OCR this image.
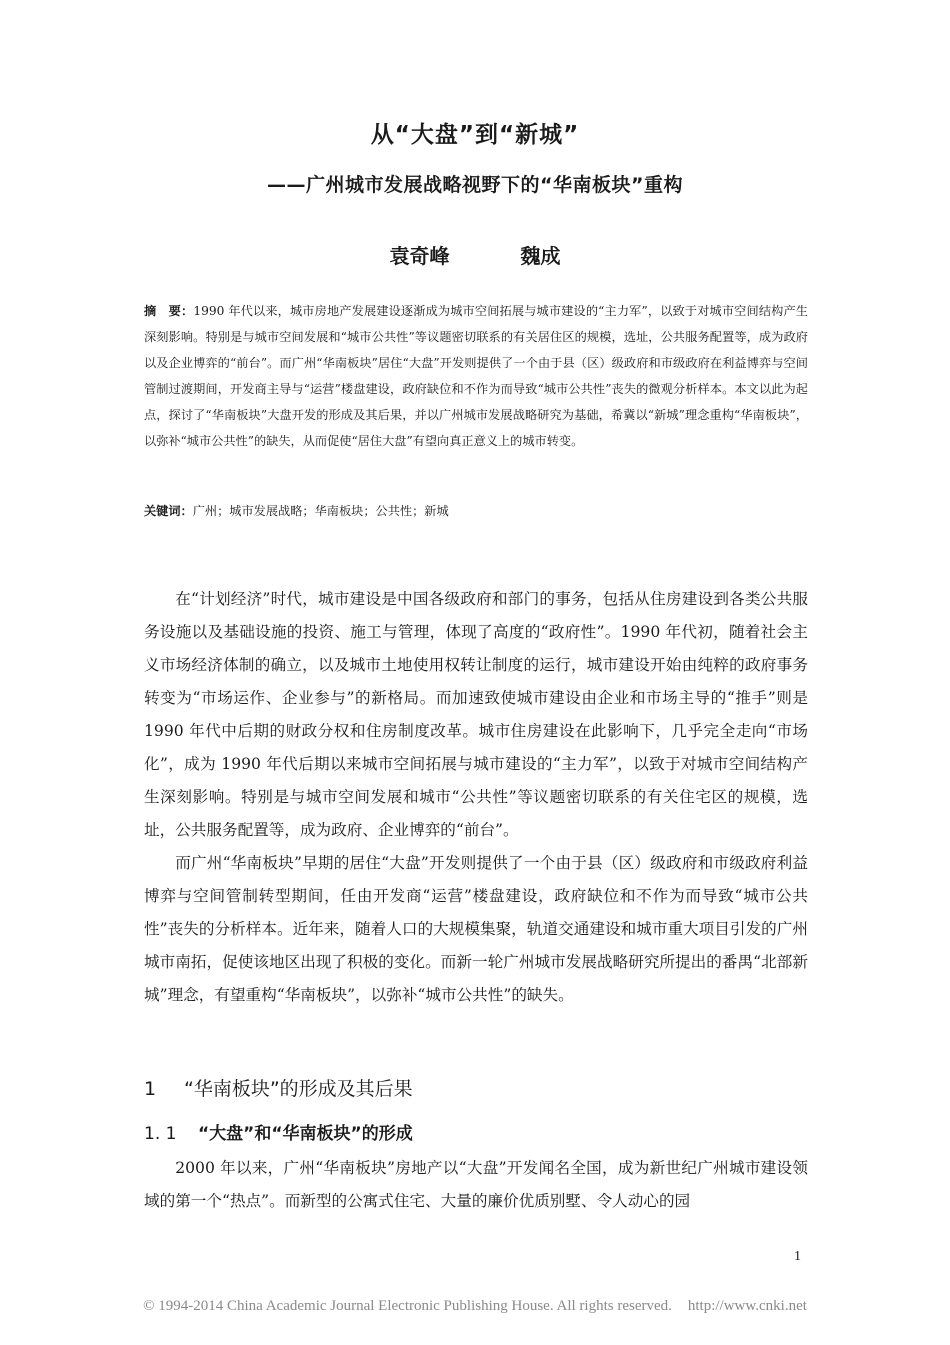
从“大盘”到“新城”
——广州城市发展战略视野下的“华南板块”重构
袁奇峰	魏成
摘　要：1990 年代以来，城市房地产发展建设逐渐成为城市空间拓展与城市建设的“主力军”，以致于对城市空间结构产生深刻影响。特别是与城市空间发展和“城市公共性”等议题密切联系的有关居住区的规模，选址，公共服务配置等，成为政府以及企业博弈的“前台”。而广州“华南板块”居住“大盘”开发则提供了一个由于县（区）级政府和市级政府在利益博弈与空间管制过渡期间，开发商主导与“运营”楼盘建设，政府缺位和不作为而导致“城市公共性”丧失的微观分析样本。本文以此为起点，探讨了“华南板块”大盘开发的形成及其后果，并以广州城市发展战略研究为基础，希冀以“新城”理念重构“华南板块”，以弥补“城市公共性”的缺失，从而促使“居住大盘”有望向真正意义上的城市转变。
关键词：广州；城市发展战略；华南板块；公共性；新城

在“计划经济”时代，城市建设是中国各级政府和部门的事务，包括从住房建设到各类公共服务设施以及基础设施的投资、施工与管理，体现了高度的“政府性”。1990 年代初，随着社会主义市场经济体制的确立，以及城市土地使用权转让制度的运行，城市建设开始由纯粹的政府事务转变为“市场运作、企业参与”的新格局。而加速致使城市建设由企业和市场主导的“推手”则是 1990 年代中后期的财政分权和住房制度改革。城市住房建设在此影响下，几乎完全走向“市场化”，成为 1990 年代后期以来城市空间拓展与城市建设的“主力军”，以致于对城市空间结构产生深刻影响。特别是与城市空间发展和城市“公共性”等议题密切联系的有关住宅区的规模，选址，公共服务配置等，成为政府、企业博弈的“前台”。

而广州“华南板块”早期的居住“大盘”开发则提供了一个由于县（区）级政府和市级政府利益博弈与空间管制转型期间，任由开发商“运营”楼盘建设，政府缺位和不作为而导致“城市公共性”丧失的分析样本。近年来，随着人口的大规模集聚，轨道交通建设和城市重大项目引发的广州城市南拓，促使该地区出现了积极的变化。而新一轮广州城市发展战略研究所提出的番禺“北部新城”理念，有望重构“华南板块”，以弥补“城市公共性”的缺失。

1 “华南板块”的形成及其后果
1. 1 “大盘”和“华南板块”的形成

2000 年以来，广州“华南板块”房地产以“大盘”开发闻名全国，成为新世纪广州城市建设领域的第一个“热点”。而新型的公寓式住宅、大量的廉价优质别墅、令人动心的园

1
© 1994-2014 China Academic Journal Electronic Publishing House. All rights reserved. http://www.cnki.net
